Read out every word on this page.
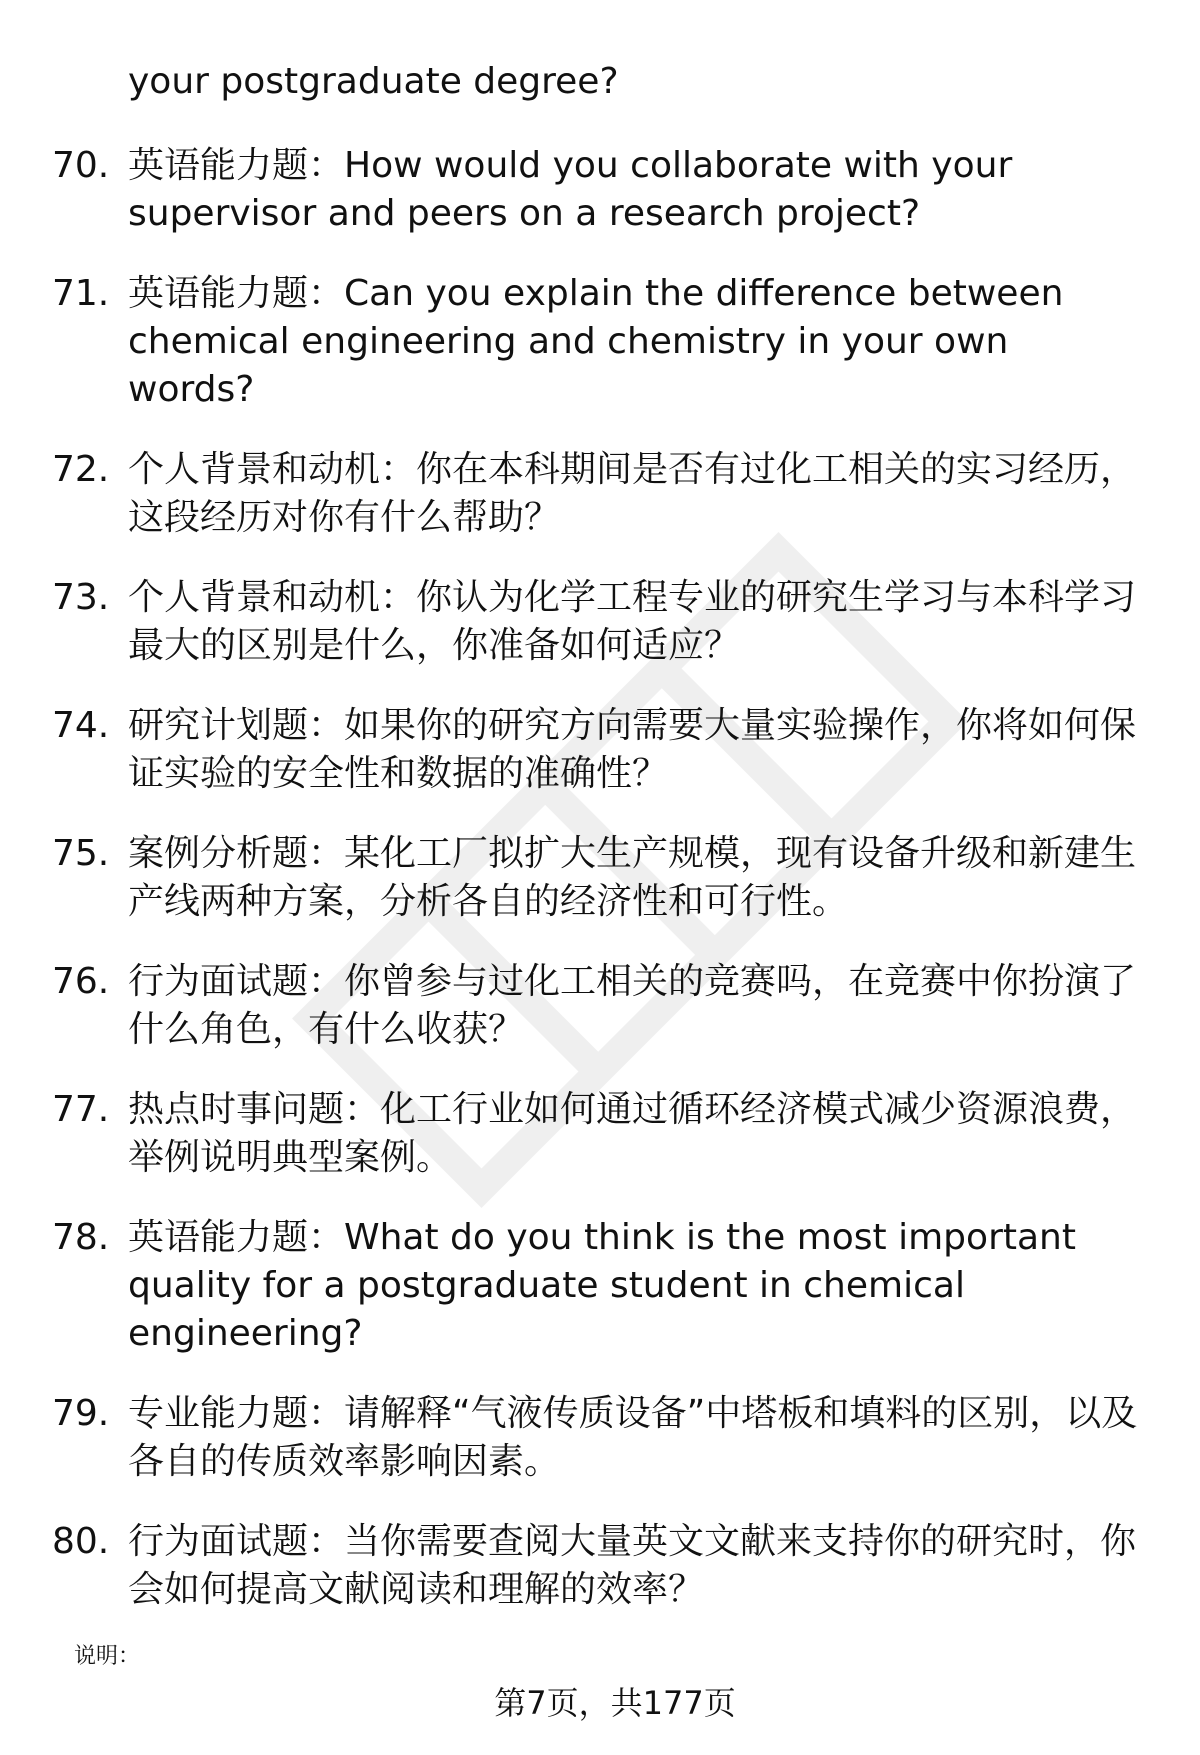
your postgraduate degree?
70. 英语能力题：How would you collaborate with your supervisor and peers on a research project?
71. 英语能力题：Can you explain the difference between chemical engineering and chemistry in your own words?
72. 个人背景和动机：你在本科期间是否有过化工相关的实习经历，这段经历对你有什么帮助？
73. 个人背景和动机：你认为化学工程专业的研究生学习与本科学习最大的区别是什么，你准备如何适应？
74. 研究计划题：如果你的研究方向需要大量实验操作，你将如何保证实验的安全性和数据的准确性？
75. 案例分析题：某化工厂拟扩大生产规模，现有设备升级和新建生产线两种方案，分析各自的经济性和可行性。
76. 行为面试题：你曾参与过化工相关的竞赛吗，在竞赛中你扮演了什么角色，有什么收获？
77. 热点时事问题：化工行业如何通过循环经济模式减少资源浪费，举例说明典型案例。
78. 英语能力题：What do you think is the most important quality for a postgraduate student in chemical engineering?
79. 专业能力题：请解释“气液传质设备”中塔板和填料的区别，以及各自的传质效率影响因素。
80. 行为面试题：当你需要查阅大量英文文献来支持你的研究时，你会如何提高文献阅读和理解的效率？
说明：
第7页，共177页
